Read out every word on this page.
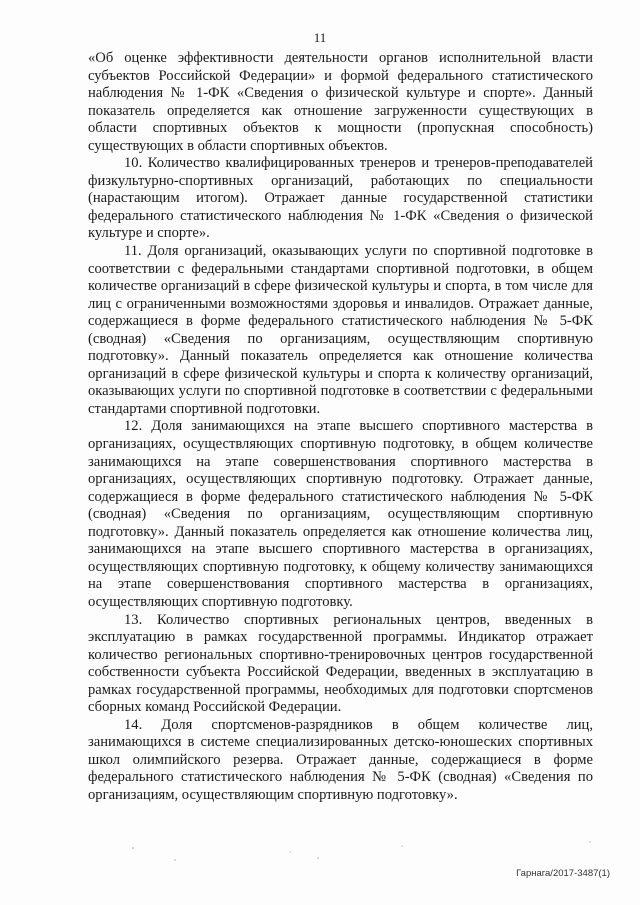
11

«Об оценке эффективности деятельности органов исполнительной власти субъектов Российской Федерации» и формой федерального статистического наблюдения № 1-ФК «Сведения о физической культуре и спорте». Данный показатель определяется как отношение загруженности существующих в области спортивных объектов к мощности (пропускная способность) существующих в области спортивных объектов.

10. Количество квалифицированных тренеров и тренеров-преподавателей физкультурно-спортивных организаций, работающих по специальности (нарастающим итогом). Отражает данные государственной статистики федерального статистического наблюдения № 1-ФК «Сведения о физической культуре и спорте».

11. Доля организаций, оказывающих услуги по спортивной подготовке в соответствии с федеральными стандартами спортивной подготовки, в общем количестве организаций в сфере физической культуры и спорта, в том числе для лиц с ограниченными возможностями здоровья и инвалидов. Отражает данные, содержащиеся в форме федерального статистического наблюдения № 5-ФК (сводная) «Сведения по организациям, осуществляющим спортивную подготовку». Данный показатель определяется как отношение количества организаций в сфере физической культуры и спорта к количеству организаций, оказывающих услуги по спортивной подготовке в соответствии с федеральными стандартами спортивной подготовки.

12. Доля занимающихся на этапе высшего спортивного мастерства в организациях, осуществляющих спортивную подготовку, в общем количестве занимающихся на этапе совершенствования спортивного мастерства в организациях, осуществляющих спортивную подготовку. Отражает данные, содержащиеся в форме федерального статистического наблюдения № 5-ФК (сводная) «Сведения по организациям, осуществляющим спортивную подготовку». Данный показатель определяется как отношение количества лиц, занимающихся на этапе высшего спортивного мастерства в организациях, осуществляющих спортивную подготовку, к общему количеству занимающихся на этапе совершенствования спортивного мастерства в организациях, осуществляющих спортивную подготовку.

13. Количество спортивных региональных центров, введенных в эксплуатацию в рамках государственной программы. Индикатор отражает количество региональных спортивно-тренировочных центров государственной собственности субъекта Российской Федерации, введенных в эксплуатацию в рамках государственной программы, необходимых для подготовки спортсменов сборных команд Российской Федерации.

14. Доля спортсменов-разрядников в общем количестве лиц, занимающихся в системе специализированных детско-юношеских спортивных школ олимпийского резерва. Отражает данные, содержащиеся в форме федерального статистического наблюдения № 5-ФК (сводная) «Сведения по организациям, осуществляющим спортивную подготовку».

Гарнага/2017-3487(1)
